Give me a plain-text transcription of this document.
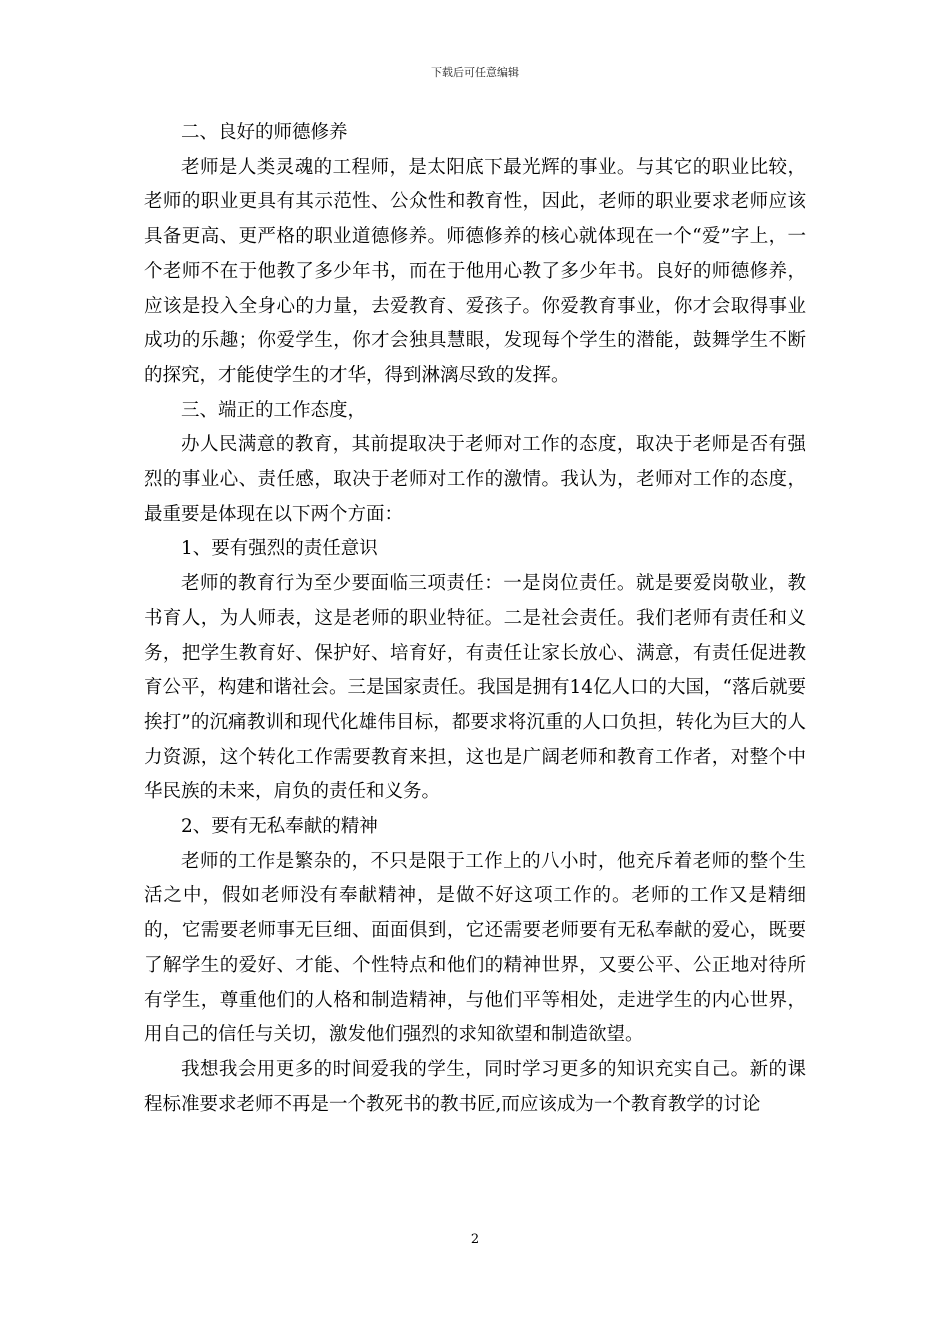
下载后可任意编辑

二、良好的师德修养

老师是人类灵魂的工程师，是太阳底下最光辉的事业。与其它的职业比较，老师的职业更具有其示范性、公众性和教育性，因此，老师的职业要求老师应该具备更高、更严格的职业道德修养。师德修养的核心就体现在一个“爱”字上，一个老师不在于他教了多少年书，而在于他用心教了多少年书。良好的师德修养，应该是投入全身心的力量，去爱教育、爱孩子。你爱教育事业，你才会取得事业成功的乐趣；你爱学生，你才会独具慧眼，发现每个学生的潜能，鼓舞学生不断的探究，才能使学生的才华，得到淋漓尽致的发挥。

三、端正的工作态度，

办人民满意的教育，其前提取决于老师对工作的态度，取决于老师是否有强烈的事业心、责任感，取决于老师对工作的激情。我认为，老师对工作的态度，最重要是体现在以下两个方面：

1、要有强烈的责任意识

老师的教育行为至少要面临三项责任：一是岗位责任。就是要爱岗敬业，教书育人，为人师表，这是老师的职业特征。二是社会责任。我们老师有责任和义务，把学生教育好、保护好、培育好，有责任让家长放心、满意，有责任促进教育公平，构建和谐社会。三是国家责任。我国是拥有14亿人口的大国，“落后就要挨打”的沉痛教训和现代化雄伟目标，都要求将沉重的人口负担，转化为巨大的人力资源，这个转化工作需要教育来担，这也是广阔老师和教育工作者，对整个中华民族的未来，肩负的责任和义务。

2、要有无私奉献的精神

老师的工作是繁杂的，不只是限于工作上的八小时，他充斥着老师的整个生活之中，假如老师没有奉献精神，是做不好这项工作的。老师的工作又是精细的，它需要老师事无巨细、面面俱到，它还需要老师要有无私奉献的爱心，既要了解学生的爱好、才能、个性特点和他们的精神世界，又要公平、公正地对待所有学生，尊重他们的人格和制造精神，与他们平等相处，走进学生的内心世界，用自己的信任与关切，激发他们强烈的求知欲望和制造欲望。

我想我会用更多的时间爱我的学生，同时学习更多的知识充实自己。新的课程标准要求老师不再是一个教死书的教书匠,而应该成为一个教育教学的讨论

2
